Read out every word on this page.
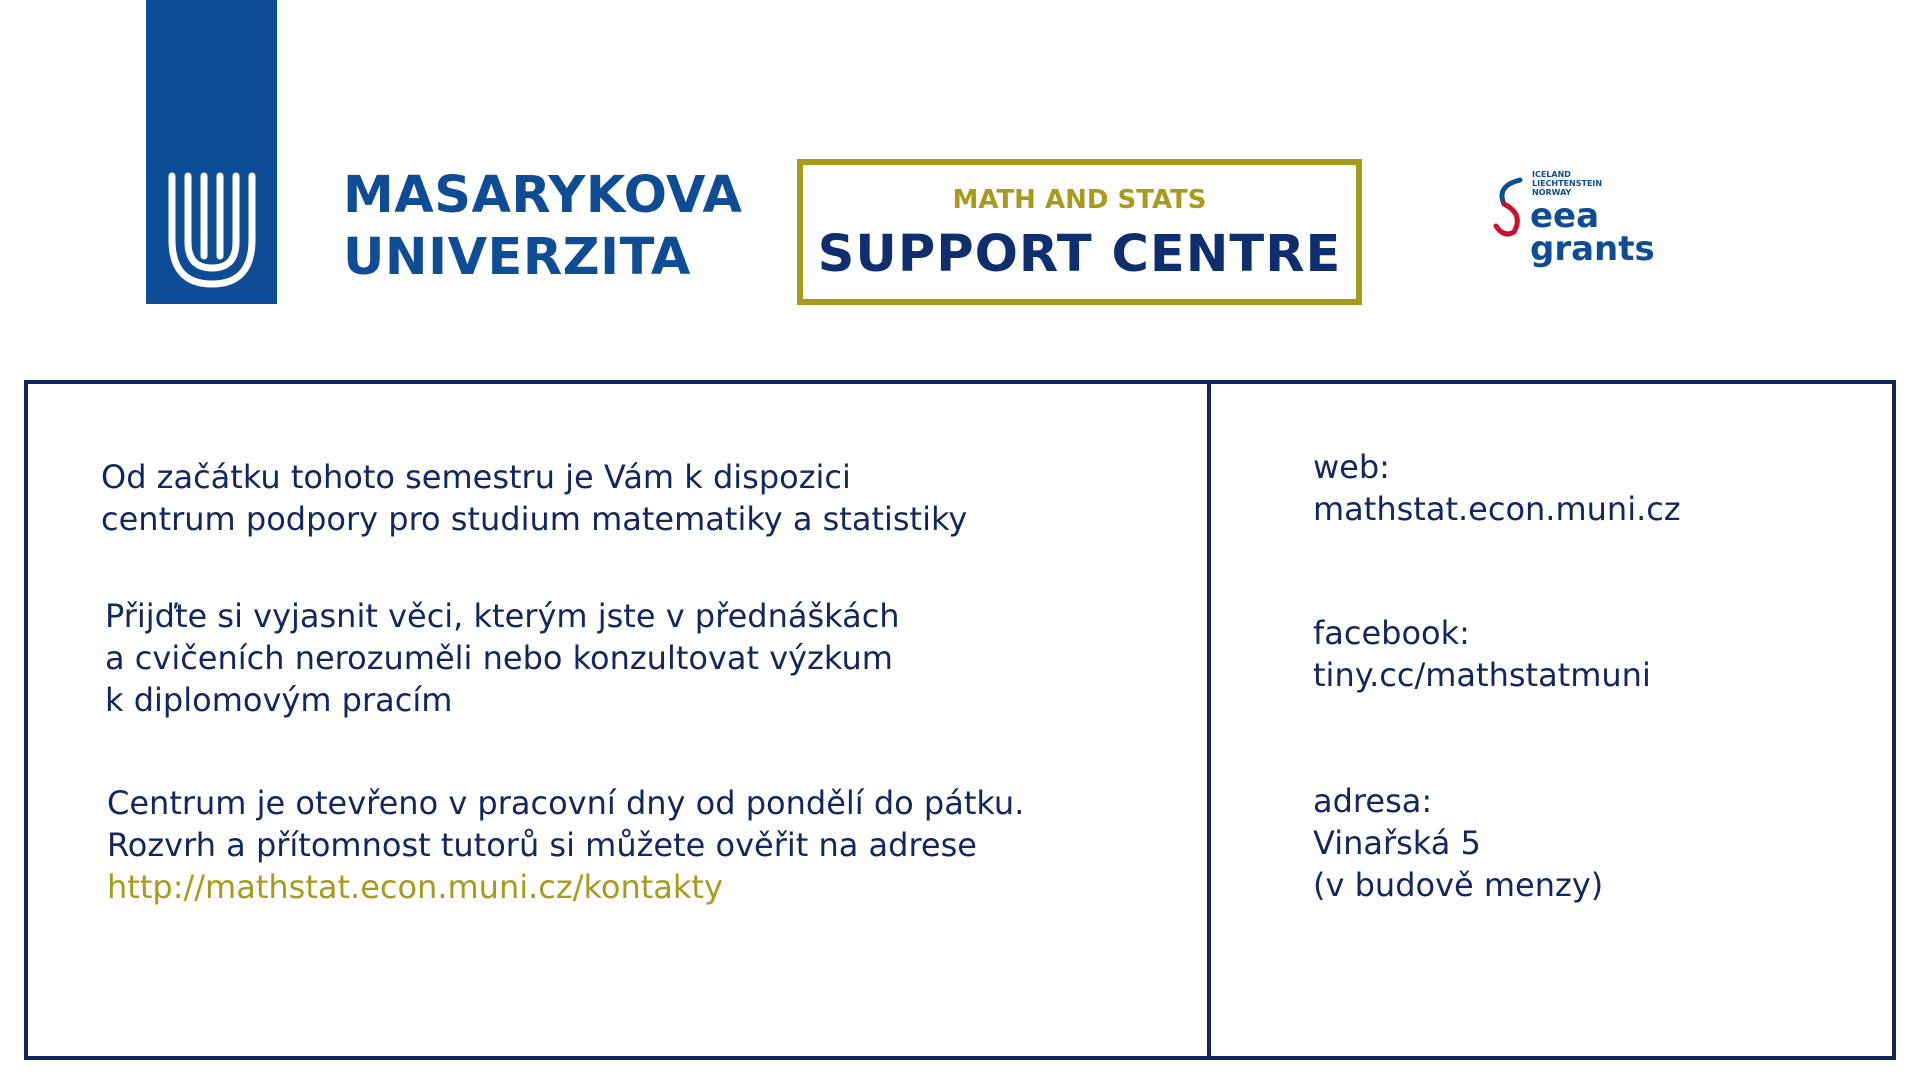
MASARYKOVA
UNIVERZITA
MATH AND STATS
SUPPORT CENTRE
ICELAND
LIECHTENSTEIN
NORWAY
eea
grants
Od začátku tohoto semestru je Vám k dispozici
centrum podpory pro studium matematiky a statistiky
Přijďte si vyjasnit věci, kterým jste v přednáškách
a cvičeních nerozuměli nebo konzultovat výzkum
k diplomovým pracím
Centrum je otevřeno v pracovní dny od pondělí do pátku.
Rozvrh a přítomnost tutorů si můžete ověřit na adrese
http://mathstat.econ.muni.cz/kontakty
web:
mathstat.econ.muni.cz
facebook:
tiny.cc/mathstatmuni
adresa:
Vinařská 5
(v budově menzy)
